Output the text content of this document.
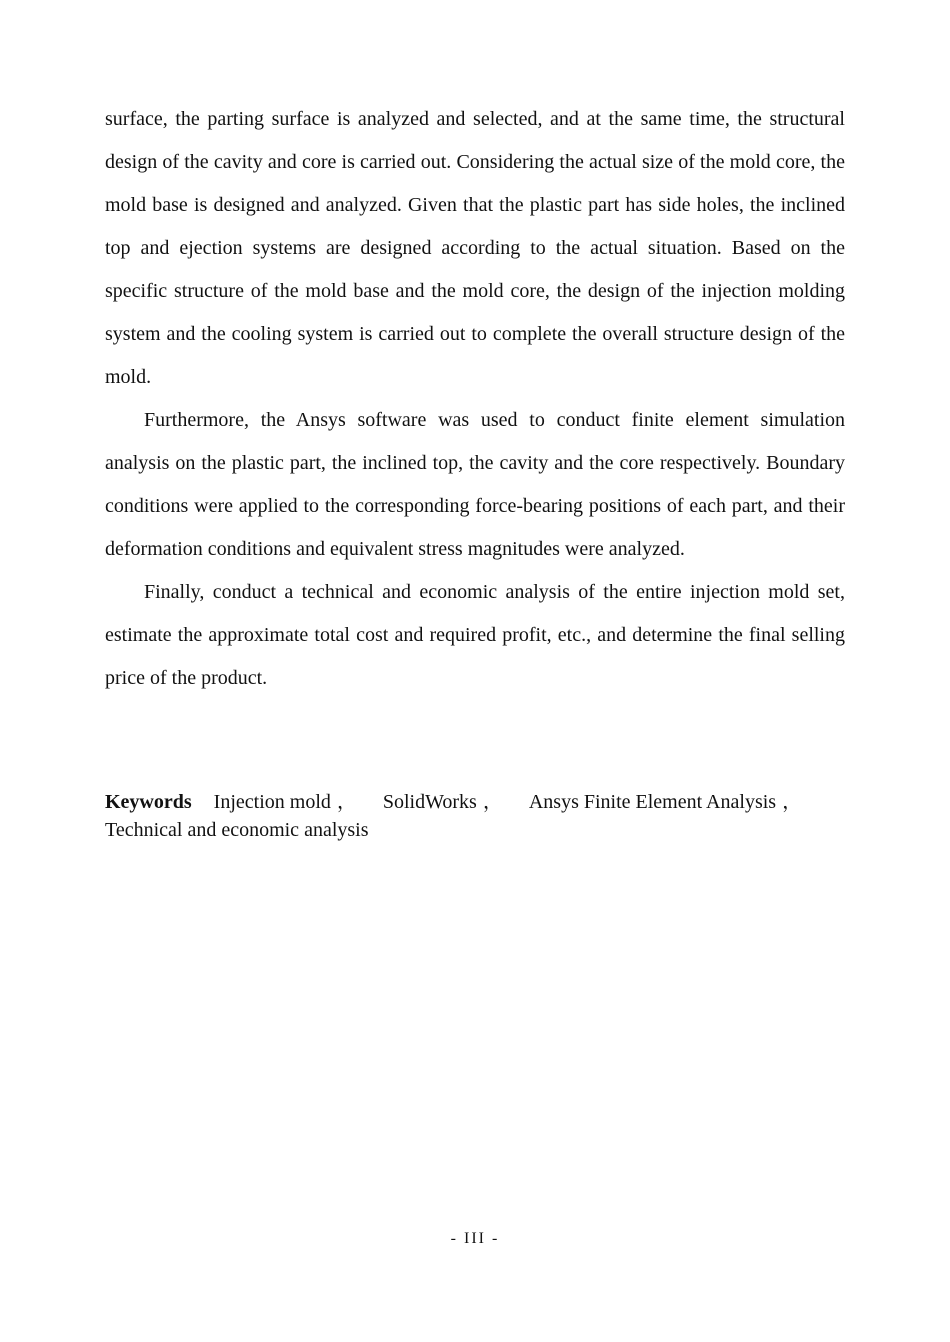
surface, the parting surface is analyzed and selected, and at the same time, the structural design of the cavity and core is carried out. Considering the actual size of the mold core, the mold base is designed and analyzed. Given that the plastic part has side holes, the inclined top and ejection systems are designed according to the actual situation. Based on the specific structure of the mold base and the mold core, the design of the injection molding system and the cooling system is carried out to complete the overall structure design of the mold.

Furthermore, the Ansys software was used to conduct finite element simulation analysis on the plastic part, the inclined top, the cavity and the core respectively. Boundary conditions were applied to the corresponding force-bearing positions of each part, and their deformation conditions and equivalent stress magnitudes were analyzed.

Finally, conduct a technical and economic analysis of the entire injection mold set, estimate the approximate total cost and required profit, etc., and determine the final selling price of the product.

Keywords Injection mold ， SolidWorks ， Ansys Finite Element Analysis ，
Technical and economic analysis
- III -
